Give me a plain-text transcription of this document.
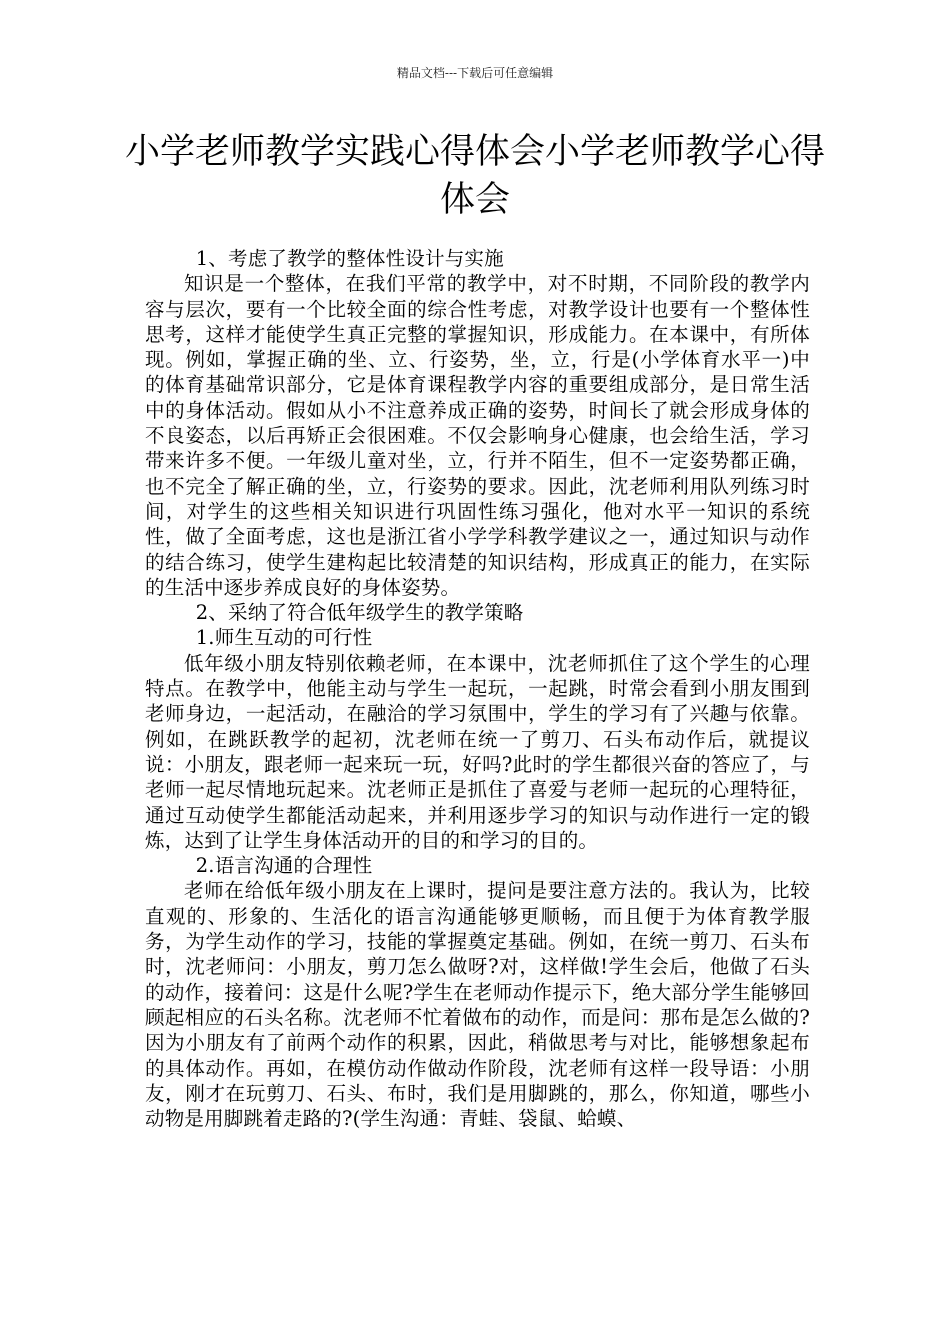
精品文档---下载后可任意编辑
小学老师教学实践心得体会小学老师教学心得体会

1、考虑了教学的整体性设计与实施

知识是一个整体，在我们平常的教学中，对不时期，不同阶段的教学内容与层次，要有一个比较全面的综合性考虑，对教学设计也要有一个整体性思考，这样才能使学生真正完整的掌握知识，形成能力。在本课中，有所体现。例如，掌握正确的坐、立、行姿势，坐，立，行是(小学体育水平一)中的体育基础常识部分，它是体育课程教学内容的重要组成部分，是日常生活中的身体活动。假如从小不注意养成正确的姿势，时间长了就会形成身体的不良姿态，以后再矫正会很困难。不仅会影响身心健康，也会给生活，学习带来许多不便。一年级儿童对坐，立，行并不陌生，但不一定姿势都正确，也不完全了解正确的坐，立，行姿势的要求。因此，沈老师利用队列练习时间，对学生的这些相关知识进行巩固性练习强化，他对水平一知识的系统性，做了全面考虑，这也是浙江省小学学科教学建议之一，通过知识与动作的结合练习，使学生建构起比较清楚的知识结构，形成真正的能力，在实际的生活中逐步养成良好的身体姿势。

2、采纳了符合低年级学生的教学策略

1.师生互动的可行性

低年级小朋友特别依赖老师，在本课中，沈老师抓住了这个学生的心理特点。在教学中，他能主动与学生一起玩，一起跳，时常会看到小朋友围到老师身边，一起活动，在融洽的学习氛围中，学生的学习有了兴趣与依靠。例如，在跳跃教学的起初，沈老师在统一了剪刀、石头布动作后，就提议说：小朋友，跟老师一起来玩一玩，好吗?此时的学生都很兴奋的答应了，与老师一起尽情地玩起来。沈老师正是抓住了喜爱与老师一起玩的心理特征，通过互动使学生都能活动起来，并利用逐步学习的知识与动作进行一定的锻炼，达到了让学生身体活动开的目的和学习的目的。

2.语言沟通的合理性

老师在给低年级小朋友在上课时，提问是要注意方法的。我认为，比较直观的、形象的、生活化的语言沟通能够更顺畅，而且便于为体育教学服务，为学生动作的学习，技能的掌握奠定基础。例如，在统一剪刀、石头布时，沈老师问：小朋友，剪刀怎么做呀?对，这样做!学生会后，他做了石头的动作，接着问：这是什么呢?学生在老师动作提示下，绝大部分学生能够回顾起相应的石头名称。沈老师不忙着做布的动作，而是问：那布是怎么做的?因为小朋友有了前两个动作的积累，因此，稍做思考与对比，能够想象起布的具体动作。再如，在模仿动作做动作阶段，沈老师有这样一段导语：小朋友，刚才在玩剪刀、石头、布时，我们是用脚跳的，那么，你知道，哪些小动物是用脚跳着走路的?(学生沟通：青蛙、袋鼠、蛤蟆、
